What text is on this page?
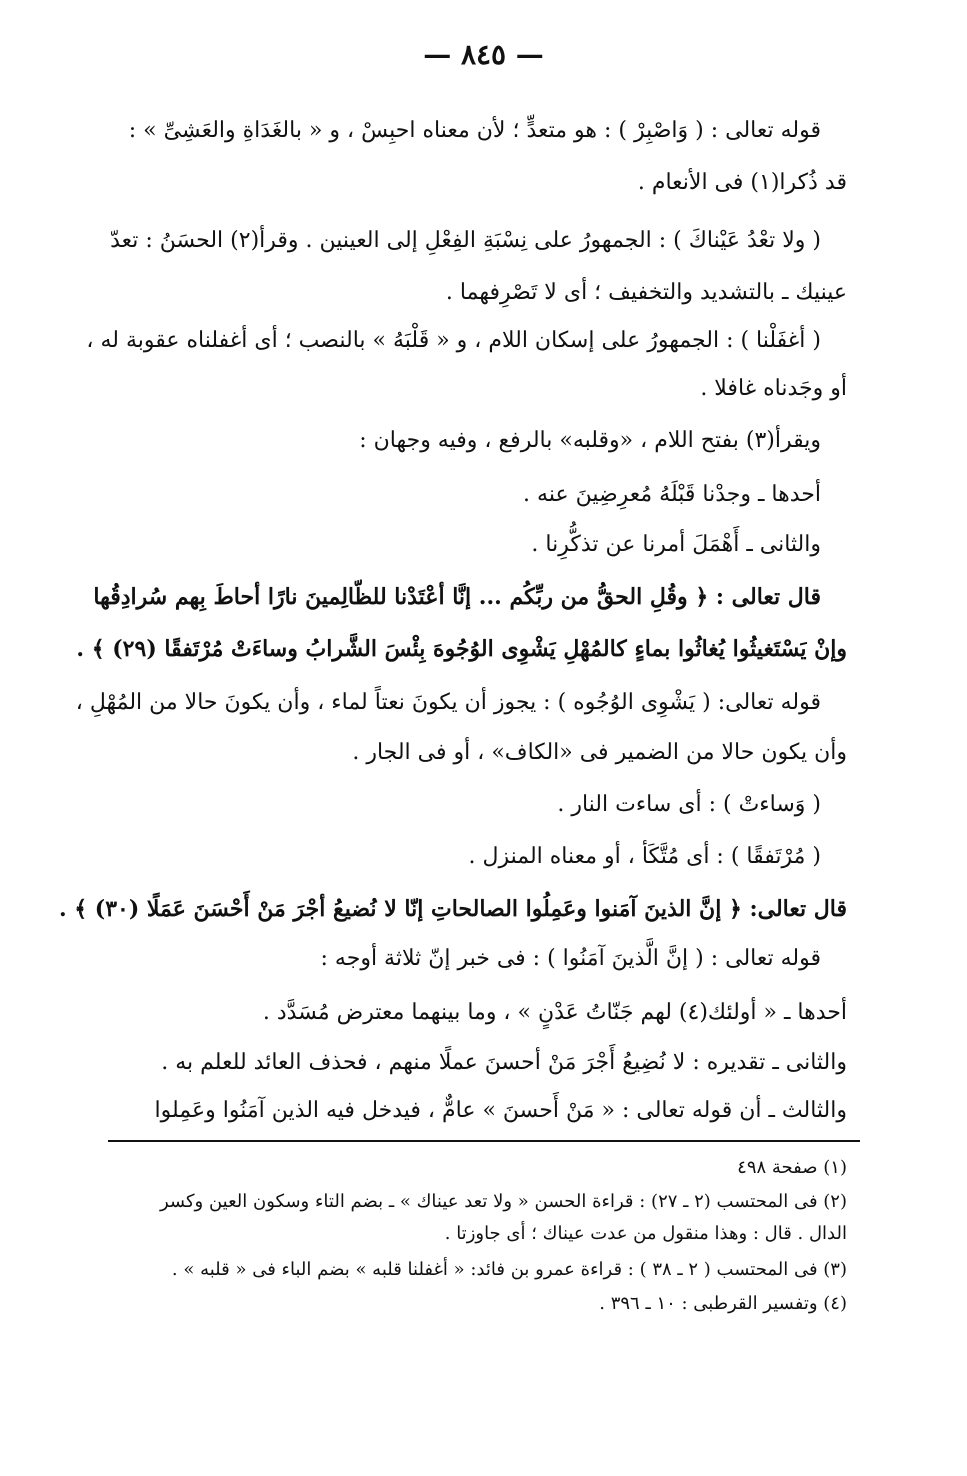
— ٨٤٥ —
قوله تعالى : ( وَاصْبِرْ ) : هو متعدٍّ ؛ لأن معناه احبِسْ ، و « بالغَدَاةِ والعَشِىِّ » :
قد ذُكرا(١) فى الأنعام .
( ولا تعْدُ عَيْناكَ ) : الجمهورُ على نِسْبَةِ الفِعْلِ إلى العينين . وقرأ(٢) الحسَنُ : تعدّ
عينيك ـ بالتشديد والتخفيف ؛ أى لا تَصْرِفهما .
( أغفَلْنا ) : الجمهورُ على إسكان اللام ، و « قَلْبَهُ » بالنصب ؛ أى أغفلناه عقوبة له ،
أو وجَدناه غافلا .
ويقرأ(٣) بفتح اللام ، «وقلبه» بالرفع ، وفيه وجهان :
أحدها ـ وجدْنا قَبْلَهُ مُعرِضِينَ عنه .
والثانى ـ أَهْمَلَ أمرنا عن تذكُّرِنا .
قال تعالى : ﴿ وقُلِ الحقُّ من ربِّكُم ... إنَّا أعْتَدْنا للظّالِمينَ نارًا أحاطَ بِهم سُرادِقُها
وإنْ يَسْتَغيثُوا يُغاثُوا بماءٍ كالمُهْلِ يَشْوِى الوُجُوهَ بِئْسَ الشَّرابُ وساءَتْ مُرْتَفقًا (٢٩) ﴾ .
قوله تعالى: ( يَشْوِى الوُجُوه ) : يجوز أن يكونَ نعتاً لماء ، وأن يكونَ حالا من المُهْلِ ،
وأن يكون حالا من الضمير فى «الكاف» ، أو فى الجار .
( وَساءتْ ) : أى ساءت النار .
( مُرْتَفقًا ) : أى مُتَّكَأ ، أو معناه المنزل .
قال تعالى: ﴿ إنَّ الذينَ آمَنوا وعَمِلُوا الصالحاتِ إنّا لا نُضيعُ أجْرَ مَنْ أَحْسَنَ عَمَلًا (٣٠) ﴾ .
قوله تعالى : ( إنَّ الَّذينَ آمَنُوا ) : فى خبر إنّ ثلاثة أوجه :
أحدها ـ « أولئك(٤) لهم جَنّاتُ عَدْنٍ » ، وما بينهما معترض مُسَدَّد .
والثانى ـ تقديره : لا نُضِيعُ أَجْرَ مَنْ أحسنَ عملًا منهم ، فحذف العائد للعلم به .
والثالث ـ أن قوله تعالى : « مَنْ أَحسنَ » عامٌّ ، فيدخل فيه الذين آمَنُوا وعَمِلوا
(١) صفحة ٤٩٨
(٢) فى المحتسب (٢ ـ ٢٧) : قراءة الحسن « ولا تعد عيناك » ـ بضم التاء وسكون العين وكسر
الدال . قال : وهذا منقول من عدت عيناك ؛ أى جاوزتا .
(٣) فى المحتسب ( ٢ ـ ٣٨ ) : قراءة عمرو بن فائد: « أغفلنا قلبه » بضم الباء فى « قلبه » .
(٤) وتفسير القرطبى : ١٠ ـ ٣٩٦ .
